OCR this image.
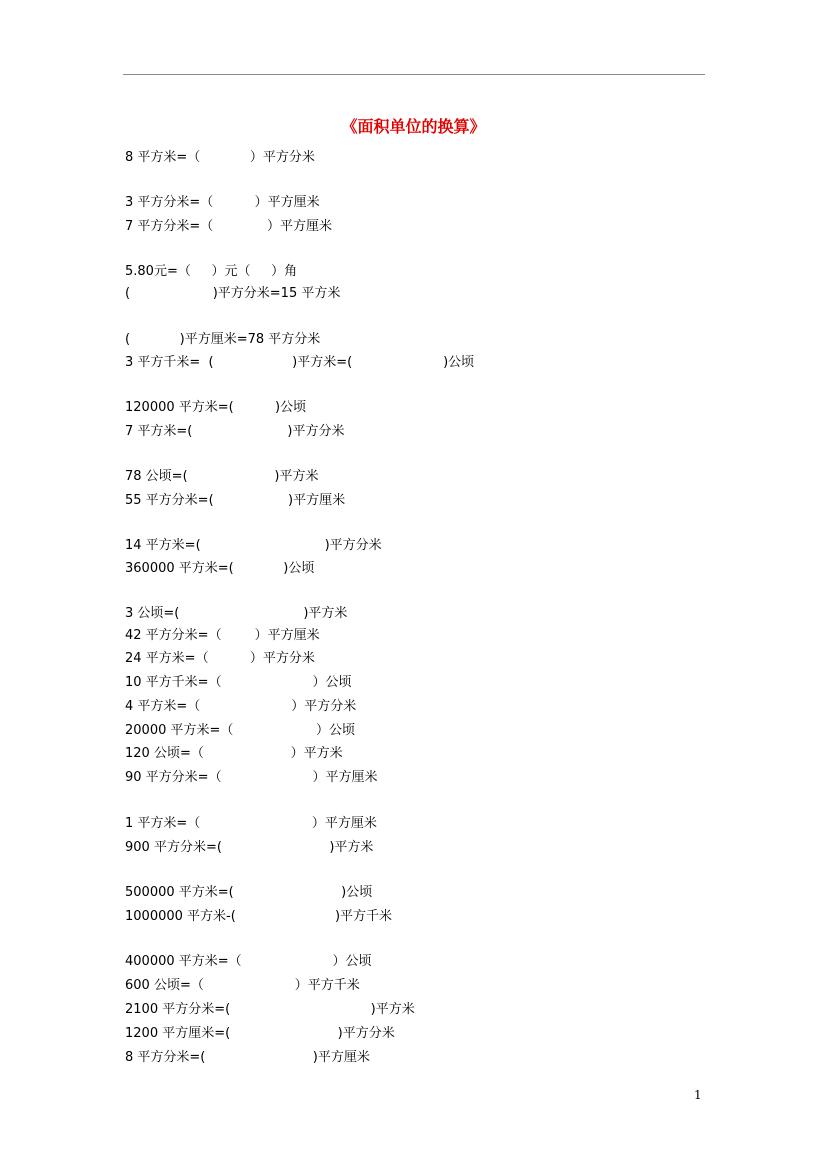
《面积单位的换算》
8 平方米=（            ）平方分米
3 平方分米=（          ）平方厘米
7 平方分米=（             ）平方厘米
5.80元=（     ）元（     ）角
(                    )平方分米=15 平方米
(            )平方厘米=78 平方分米
3 平方千米=  (                   )平方米=(                      )公顷
120000 平方米=(          )公顷
7 平方米=(                       )平方分米
78 公顷=(                     )平方米
55 平方分米=(                  )平方厘米
14 平方米=(                              )平方分米
360000 平方米=(            )公顷
3 公顷=(                              )平方米
42 平方分米=（        ）平方厘米
24 平方米=（          ）平方分米
10 平方千米=（                      ）公顷
4 平方米=（                      ）平方分米
20000 平方米=（                    ）公顷
120 公顷=（                     ）平方米
90 平方分米=（                      ）平方厘米
1 平方米=（                           ）平方厘米
900 平方分米=(                          )平方米
500000 平方米=(                          )公顷
1000000 平方米-(                        )平方千米
400000 平方米=（                      ）公顷
600 公顷=（                      ）平方千米
2100 平方分米=(                                  )平方米
1200 平方厘米=(                          )平方分米
8 平方分米=(                          )平方厘米
1
